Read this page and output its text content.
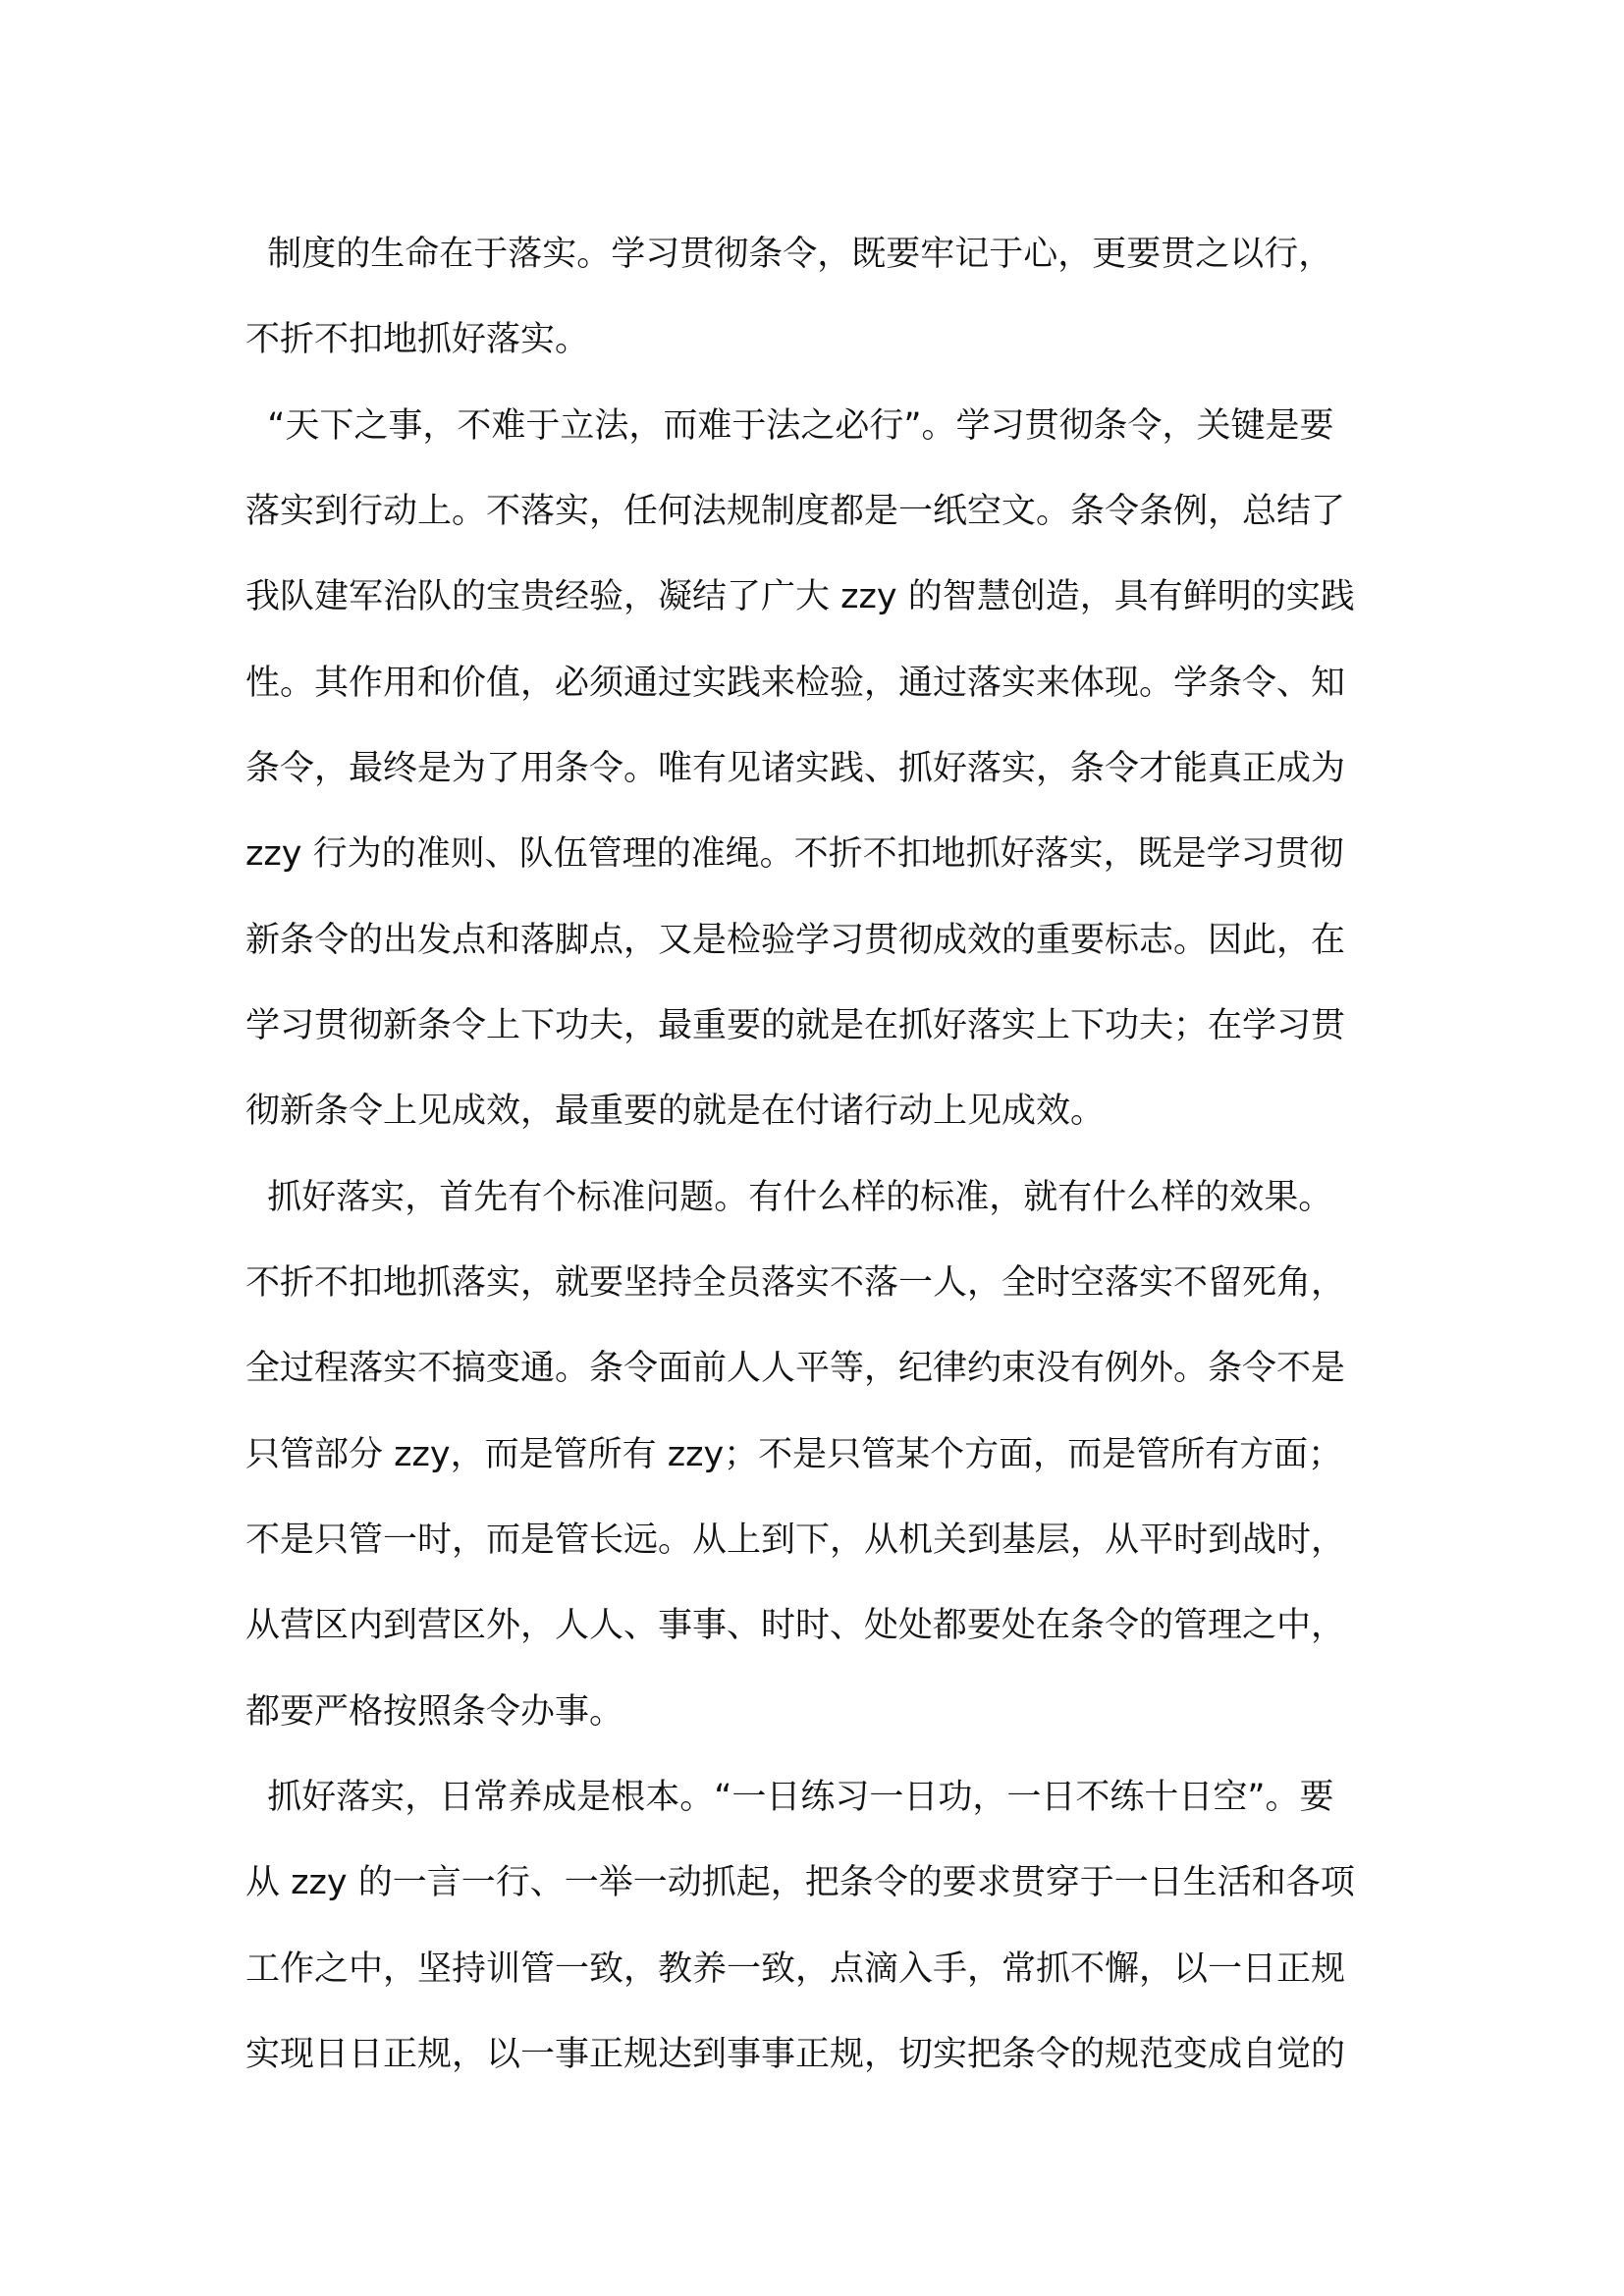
制度的生命在于落实。学习贯彻条令，既要牢记于心，更要贯之以行，
不折不扣地抓好落实。
“天下之事，不难于立法，而难于法之必行”。学习贯彻条令，关键是要
落实到行动上。不落实，任何法规制度都是一纸空文。条令条例，总结了
我队建军治队的宝贵经验，凝结了广大 zzy 的智慧创造，具有鲜明的实践
性。其作用和价值，必须通过实践来检验，通过落实来体现。学条令、知
条令，最终是为了用条令。唯有见诸实践、抓好落实，条令才能真正成为
zzy 行为的准则、队伍管理的准绳。不折不扣地抓好落实，既是学习贯彻
新条令的出发点和落脚点，又是检验学习贯彻成效的重要标志。因此，在
学习贯彻新条令上下功夫，最重要的就是在抓好落实上下功夫；在学习贯
彻新条令上见成效，最重要的就是在付诸行动上见成效。
抓好落实，首先有个标准问题。有什么样的标准，就有什么样的效果。
不折不扣地抓落实，就要坚持全员落实不落一人，全时空落实不留死角，
全过程落实不搞变通。条令面前人人平等，纪律约束没有例外。条令不是
只管部分 zzy，而是管所有 zzy；不是只管某个方面，而是管所有方面；
不是只管一时，而是管长远。从上到下，从机关到基层，从平时到战时，
从营区内到营区外，人人、事事、时时、处处都要处在条令的管理之中，
都要严格按照条令办事。
抓好落实，日常养成是根本。“一日练习一日功，一日不练十日空”。要
从 zzy 的一言一行、一举一动抓起，把条令的要求贯穿于一日生活和各项
工作之中，坚持训管一致，教养一致，点滴入手，常抓不懈，以一日正规
实现日日正规，以一事正规达到事事正规，切实把条令的规范变成自觉的
